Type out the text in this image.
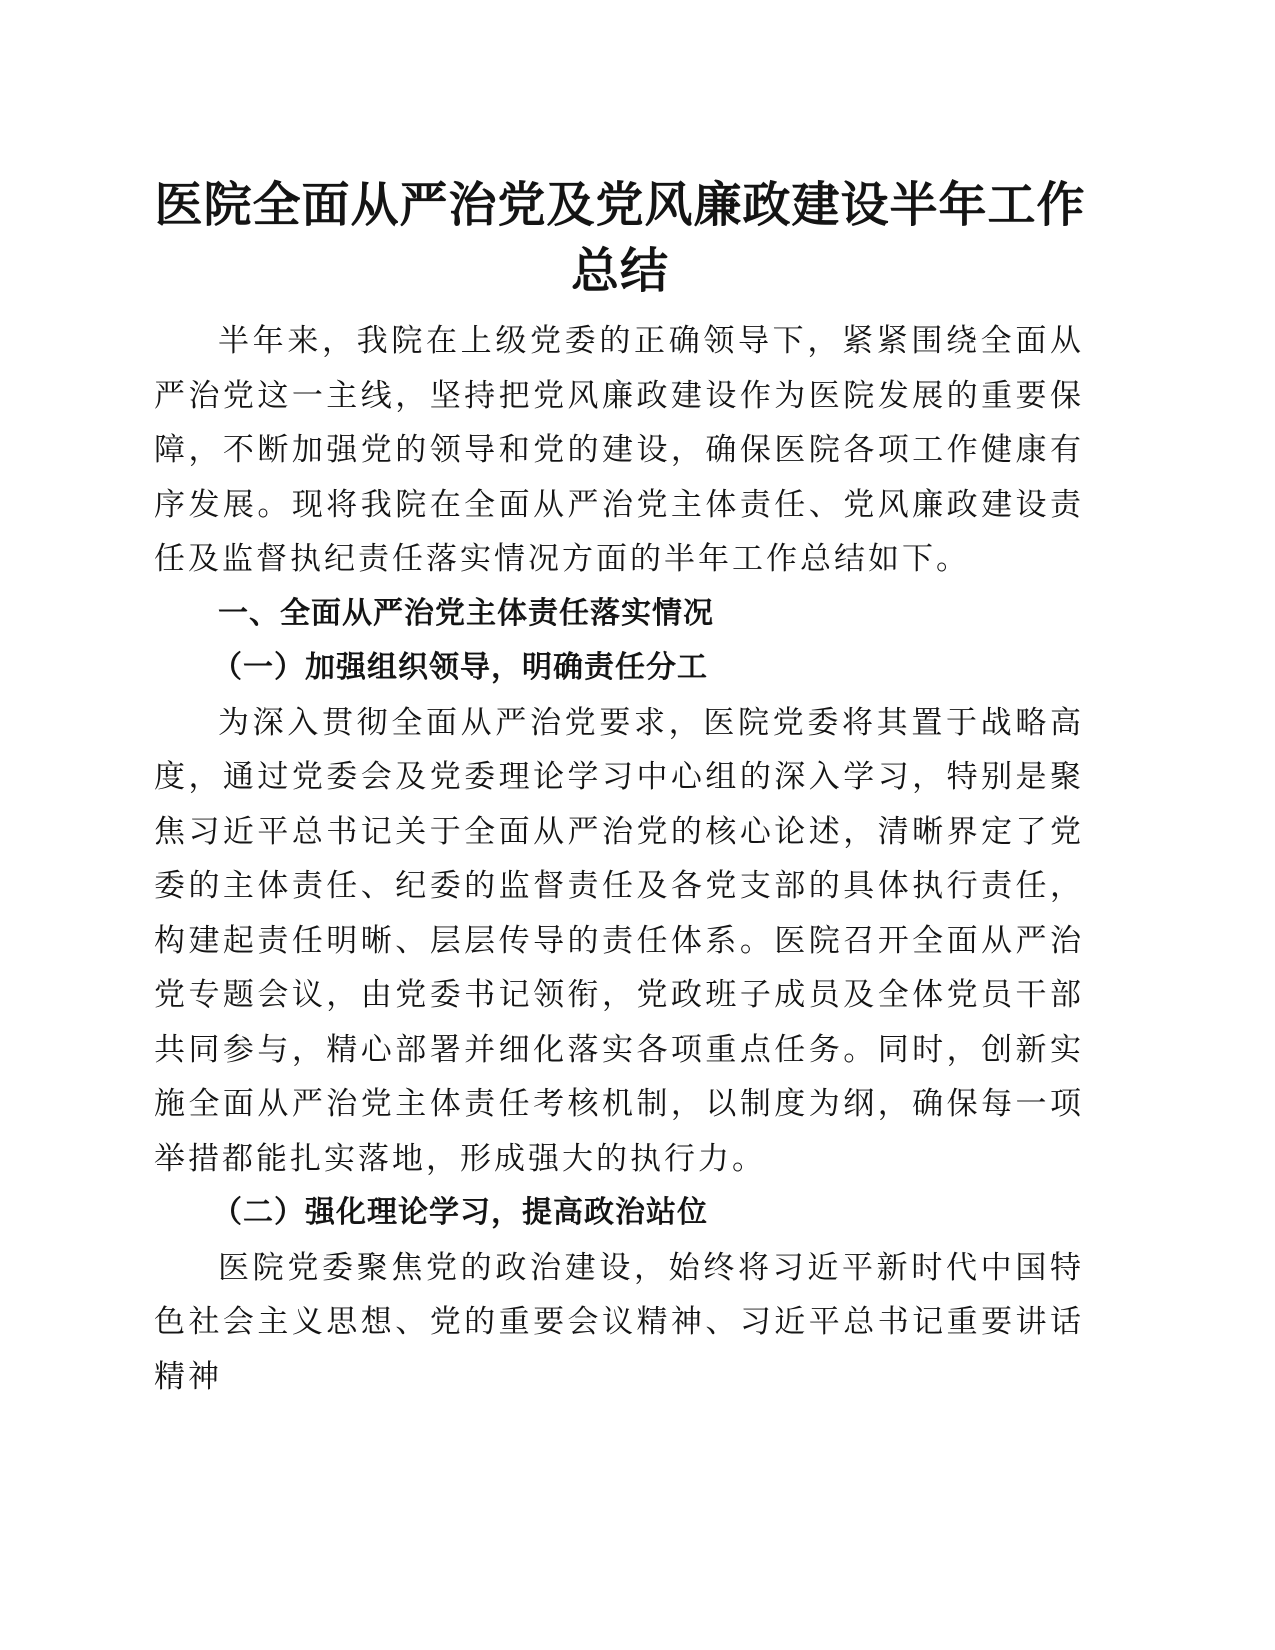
医院全面从严治党及党风廉政建设半年工作总结

半年来，我院在上级党委的正确领导下，紧紧围绕全面从严治党这一主线，坚持把党风廉政建设作为医院发展的重要保障，不断加强党的领导和党的建设，确保医院各项工作健康有序发展。现将我院在全面从严治党主体责任、党风廉政建设责任及监督执纪责任落实情况方面的半年工作总结如下。

一、全面从严治党主体责任落实情况

（一）加强组织领导，明确责任分工

为深入贯彻全面从严治党要求，医院党委将其置于战略高度，通过党委会及党委理论学习中心组的深入学习，特别是聚焦习近平总书记关于全面从严治党的核心论述，清晰界定了党委的主体责任、纪委的监督责任及各党支部的具体执行责任，构建起责任明晰、层层传导的责任体系。医院召开全面从严治党专题会议，由党委书记领衔，党政班子成员及全体党员干部共同参与，精心部署并细化落实各项重点任务。同时，创新实施全面从严治党主体责任考核机制，以制度为纲，确保每一项举措都能扎实落地，形成强大的执行力。

（二）强化理论学习，提高政治站位

医院党委聚焦党的政治建设，始终将习近平新时代中国特色社会主义思想、党的重要会议精神、习近平总书记重要讲话精神
